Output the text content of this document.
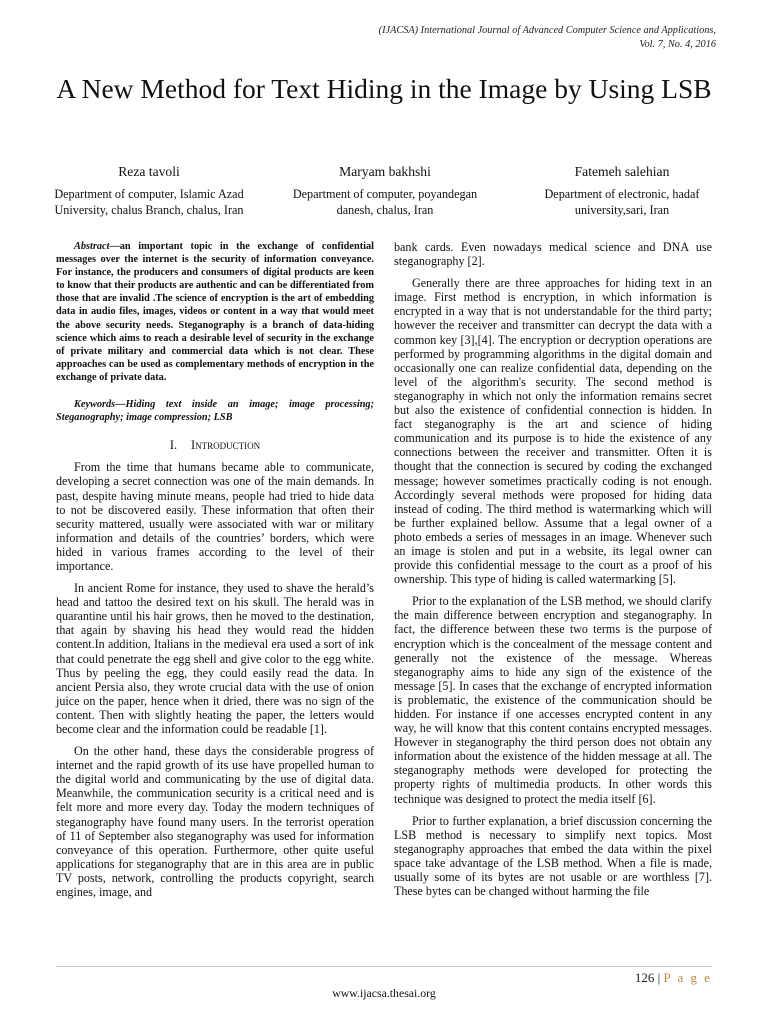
(IJACSA) International Journal of Advanced Computer Science and Applications,
Vol. 7, No. 4, 2016
A New Method for Text Hiding in the Image by Using LSB
Reza tavoli
Department of computer, Islamic Azad University, chalus Branch, chalus, Iran
Maryam bakhshi
Department of computer, poyandegan danesh, chalus, Iran
Fatemeh salehian
Department of electronic, hadaf university,sari, Iran

Abstract—an important topic in the exchange of confidential messages over the internet is the security of information conveyance. For instance, the producers and consumers of digital products are keen to know that their products are authentic and can be differentiated from those that are invalid .The science of encryption is the art of embedding data in audio files, images, videos or content in a way that would meet the above security needs. Steganography is a branch of data-hiding science which aims to reach a desirable level of security in the exchange of private military and commercial data which is not clear. These approaches can be used as complementary methods of encryption in the exchange of private data.

Keywords—Hiding text inside an image; image processing; Steganography; image compression; LSB

I. Introduction

From the time that humans became able to communicate, developing a secret connection was one of the main demands. In past, despite having minute means, people had tried to hide data to not be discovered easily. These information that often their security mattered, usually were associated with war or military information and details of the countries’ borders, which were hided in various frames according to the level of their importance.

In ancient Rome for instance, they used to shave the herald’s head and tattoo the desired text on his skull. The herald was in quarantine until his hair grows, then he moved to the destination, that again by shaving his head they would read the hidden content.In addition, Italians in the medieval era used a sort of ink that could penetrate the egg shell and give color to the egg white. Thus by peeling the egg, they could easily read the data. In ancient Persia also, they wrote crucial data with the use of onion juice on the paper, hence when it dried, there was no sign of the content. Then with slightly heating the paper, the letters would become clear and the information could be readable [1].

On the other hand, these days the considerable progress of internet and the rapid growth of its use have propelled human to the digital world and communicating by the use of digital data. Meanwhile, the communication security is a critical need and is felt more and more every day. Today the modern techniques of steganography have found many users. In the terrorist operation of 11 of September also steganography was used for information conveyance of this operation. Furthermore, other quite useful applications for steganography that are in this area are in public TV posts, network, controlling the products copyright, search engines, image, and

bank cards. Even nowadays medical science and DNA use steganography [2].

Generally there are three approaches for hiding text in an image. First method is encryption, in which information is encrypted in a way that is not understandable for the third party; however the receiver and transmitter can decrypt the data with a common key [3],[4]. The encryption or decryption operations are performed by programming algorithms in the digital domain and occasionally one can realize confidential data, depending on the level of the algorithm's security. The second method is steganography in which not only the information remains secret but also the existence of confidential connection is hidden. In fact steganography is the art and science of hiding communication and its purpose is to hide the existence of any connections between the receiver and transmitter. Often it is thought that the connection is secured by coding the exchanged message; however sometimes practically coding is not enough. Accordingly several methods were proposed for hiding data instead of coding. The third method is watermarking which will be further explained bellow. Assume that a legal owner of a photo embeds a series of messages in an image. Whenever such an image is stolen and put in a website, its legal owner can provide this confidential message to the court as a proof of his ownership. This type of hiding is called watermarking [5].

Prior to the explanation of the LSB method, we should clarify the main difference between encryption and steganography. In fact, the difference between these two terms is the purpose of encryption which is the concealment of the message content and generally not the existence of the message. Whereas steganography aims to hide any sign of the existence of the message [5]. In cases that the exchange of encrypted information is problematic, the existence of the communication should be hidden. For instance if one accesses encrypted content in any way, he will know that this content contains encrypted messages. However in steganography the third person does not obtain any information about the existence of the hidden message at all. The steganography methods were developed for protecting the property rights of multimedia products. In other words this technique was designed to protect the media itself [6].

Prior to further explanation, a brief discussion concerning the LSB method is necessary to simplify next topics. Most steganography approaches that embed the data within the pixel space take advantage of the LSB method. When a file is made, usually some of its bytes are not usable or are worthless [7]. These bytes can be changed without harming the file

126 | P a g e
www.ijacsa.thesai.org
